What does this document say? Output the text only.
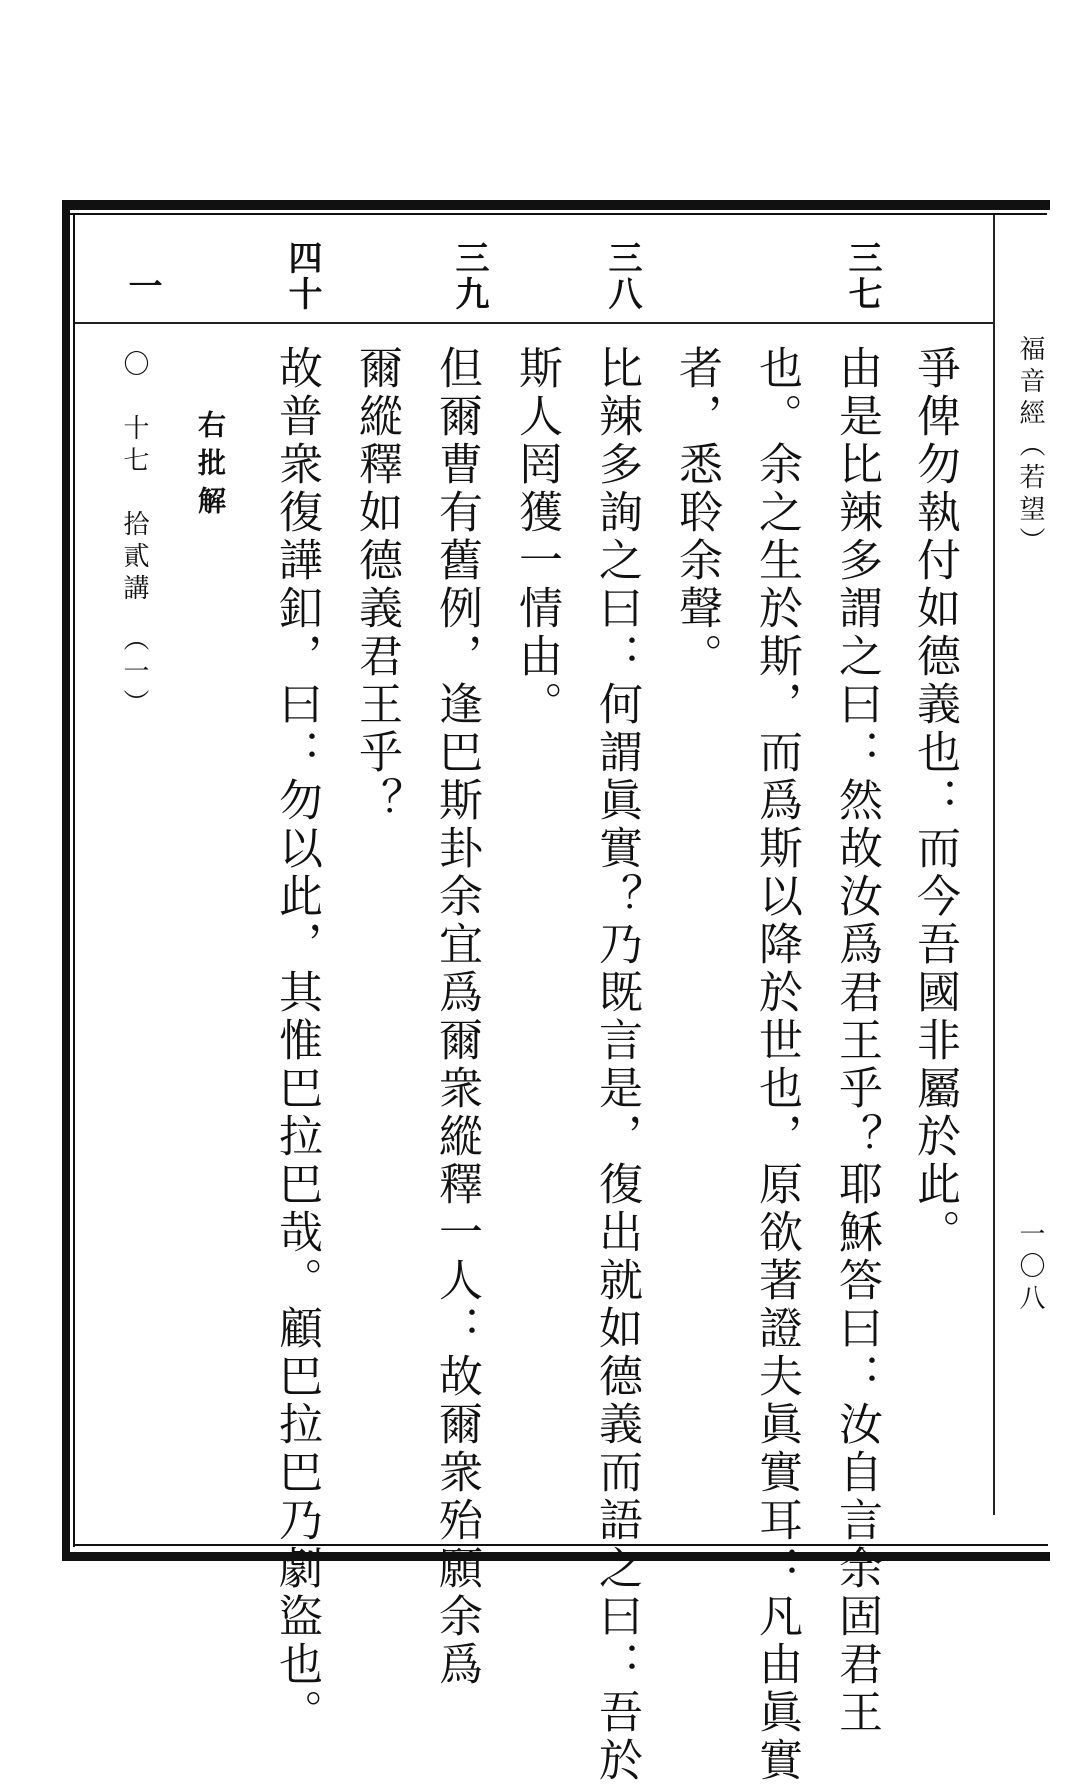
福音經（若望）
一〇八
三七
三八
三九
四十
一
爭俾勿執付如德義也：而今吾國非屬於此。
由是比辣多謂之曰：然故汝爲君王乎？耶穌答曰：汝自言余固君王
也。余之生於斯，而爲斯以降於世也，原欲著證夫眞實耳：凡由眞實
者，悉聆余聲。
比辣多詢之曰：何謂眞實？乃既言是，復出就如德義而語之曰：吾於
斯人罔獲一情由。
但爾曹有舊例，逢巴斯卦余宜爲爾衆縱釋一人：故爾衆殆願余爲
爾縱釋如德義君王乎？
故普衆復譁釦，曰：勿以此，其惟巴拉巴哉。顧巴拉巴乃劇盜也。
右批解
〇　十七　拾貳講　（一）
